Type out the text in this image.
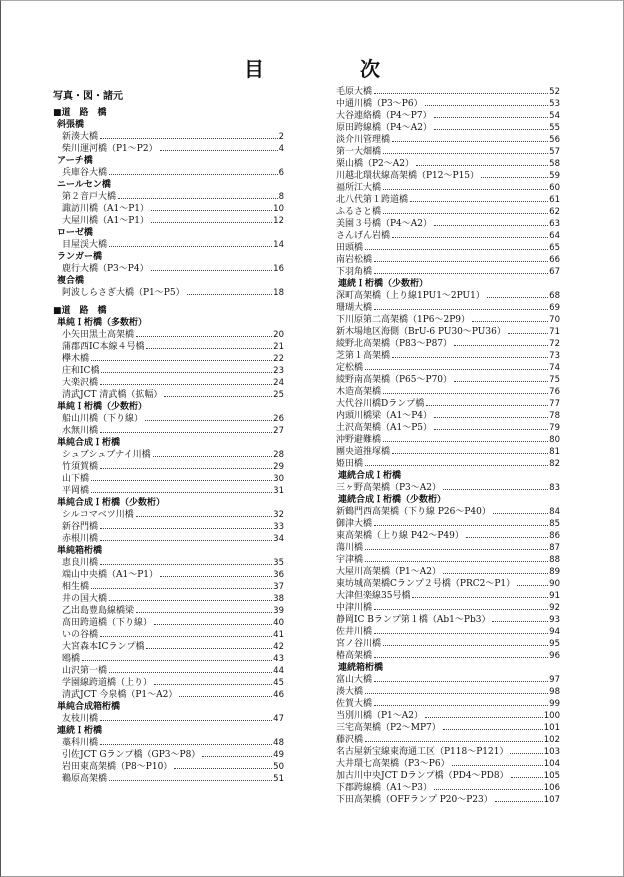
目　次
写真・図・諸元
■道　路　橋
斜張橋
新湊大橋	2
柴川運河橋（P1～P2）	4
アーチ橋
兵庫谷大橋	6
ニールセン橋
第２音戸大橋	8
諏訪川橋（A1～P1）	10
大屋川橋（A1～P1）	12
ローゼ橋
目屋渓大橋	14
ランガー橋
鹿行大橋（P3～P4）	16
複合橋
阿波しらさぎ大橋（P1～P5）	18
■道　路　橋
単純Ｉ桁橋（多数桁）
小矢田黒土高架橋	20
蒲郡西IC本線４号橋	21
欅木橋	22
庄和IC橋	23
大楽沢橋	24
清武JCT 清武橋（拡幅）	25
単純Ｉ桁橋（少数桁）
船山川橋（下り線）	26
水無川橋	27
単純合成Ｉ桁橋
シュブシュブナイ川橋	28
竹須賀橋	29
山下橋	30
平岡橋	31
単純合成Ｉ桁橋（少数桁）
シルコマベツ川橋	32
新谷門橋	33
赤根川橋	34
単純箱桁橋
恵良川橋	35
端山中央橋（A1～P1）	36
相生橋	37
井の国大橋	38
乙出島豊島線橋梁	39
高田跨道橋（下り線）	40
いの谷橋	41
大宮森本ICランプ橋	42
鴎橋	43
山沢第一橋	44
学園線跨道橋（上り）	45
清武JCT 今泉橋（P1～A2）	46
単純合成箱桁橋
友枝川橋	47
連続Ｉ桁橋
藁科川橋	48
引佐JCT Gランプ橋（GP3～P8）	49
岩田東高架橋（P8～P10）	50
鵜原高架橋	51
毛原大橋	52
中通川橋（P3～P6）	53
大谷連絡橋（P4～P7）	54
原田跨線橋（P4～A2）	55
淡介川管理橋	56
第一大畑橋	57
栗山橋（P2～A2）	58
川越北環状線高架橋（P12～P15）	59
福所江大橋	60
北八代第１跨道橋	61
ふるさと橋	62
美園３号橋（P4～A2）	63
さんげん岩橋	64
田頭橋	65
南岩松橋	66
下羽角橋	67
連続Ｉ桁橋（少数桁）
深町高架橋（上り線1PU1～2PU1）	68
珊瑚大橋	69
下川原第二高架橋（1P6～2P9）	70
新木場地区海側（BrU-6 PU30～PU36）	71
綾野北高架橋（P83～P87）	72
芝第１高架橋	73
定松橋	74
綾野南高架橋（P65～P70）	75
木造高架橋	76
大代谷川橋Dランプ橋	77
内頭川橋梁（A1～P4）	78
土沢高架橋（A1～P5）	79
沖野避難橋	80
團央道推塚橋	81
姫田橋	82
連続合成Ｉ桁橋
三ヶ野高架橋（P3～A2）	83
連続合成Ｉ桁橋（少数桁）
新鶴門西高架橋（下り線 P26～P40）	84
御津大橋	85
東高架橋（上り線 P42～P49）	86
蕩川橋	87
宇津橋	88
大屋川高架橋（P1～A2）	89
東坊城高架橋Cランプ２号橋（PRC2～P1）	90
大津但楽線35号橋	91
中津川橋	92
静岡IC Bランプ第１橋（Ab1～Pb3）	93
佐井川橋	94
宮ノ谷川橋	95
椿高架橋	96
連続箱桁橋
富山大橋	97
湊大橋	98
佐賀大橋	99
当別川橋（P1～A2）	100
三宅高架橋（P2～MP7）	101
藤沢橋	102
名古屋新宝線東海通工区（P118～P121）	103
大井環七高架橋（P3～P6）	104
加古川中央JCT Dランプ橋（PD4～PD8）	105
下郡跨線橋（A1～P3）	106
下田高架橋（OFFランプ P20～P23）	107
